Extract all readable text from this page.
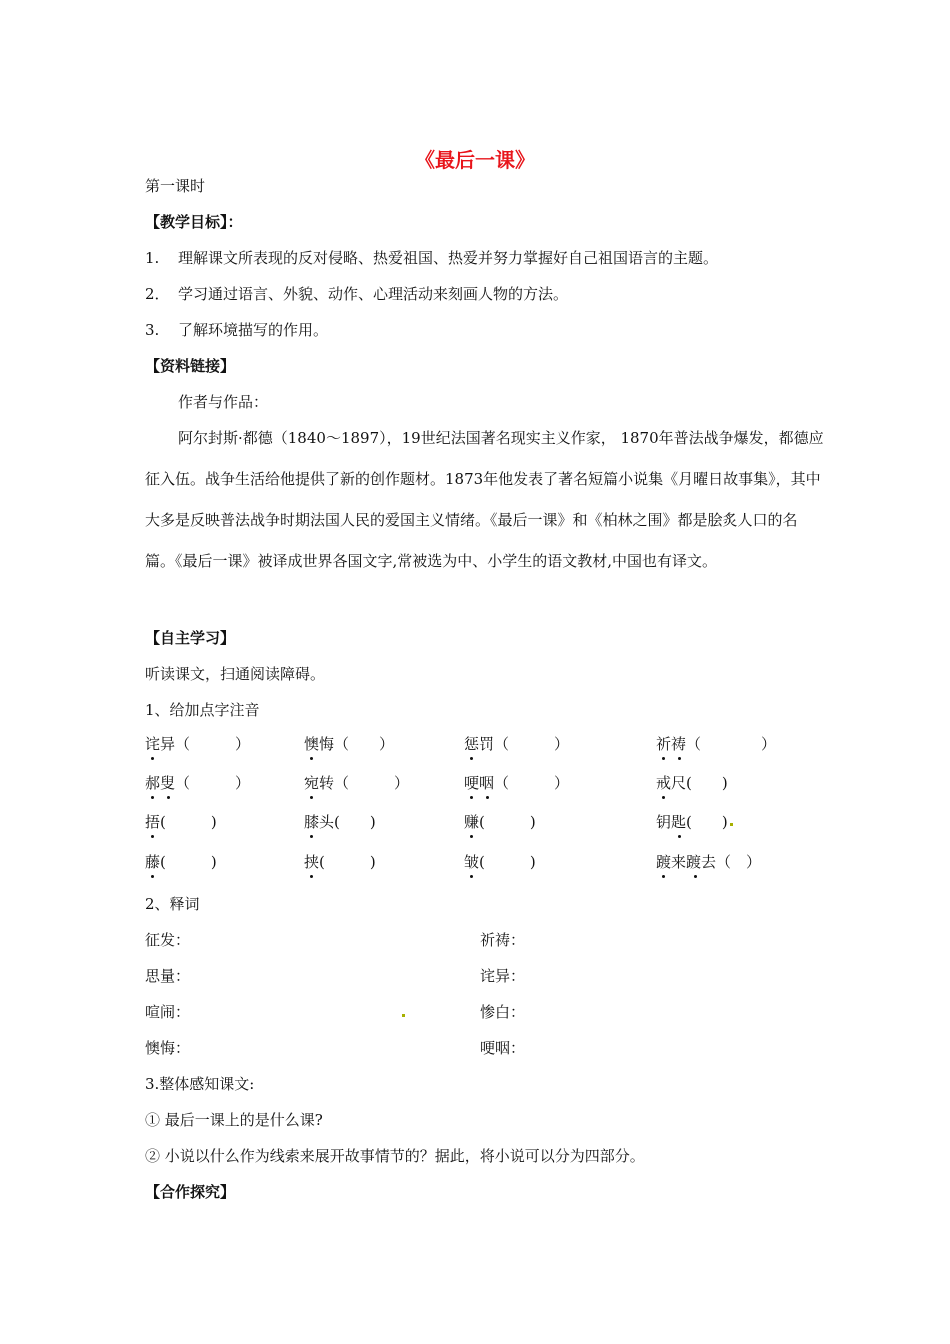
《最后一课》
第一课时
【教学目标】：
1. 理解课文所表现的反对侵略、热爱祖国、热爱并努力掌握好自己祖国语言的主题。
2． 学习通过语言、外貌、动作、心理活动来刻画人物的方法。
3. 了解环境描写的作用。
【资料链接】
作者与作品：
阿尔封斯·都德（1840～1897），19世纪法国著名现实主义作家， 1870年普法战争爆发，都德应征入伍。战争生活给他提供了新的创作题材。1873年他发表了著名短篇小说集《月曜日故事集》，其中大多是反映普法战争时期法国人民的爱国主义情绪。《最后一课》和《柏林之围》都是脍炙人口的名篇。《最后一课》被译成世界各国文字,常被选为中、小学生的语文教材,中国也有译文。
【自主学习】
听读课文，扫通阅读障碍。
1、给加点字注音
诧异（　　　）	懊悔（　　）	惩罚（　　　）	祈祷（　　　　）
郝叟（　　　）	宛转（　　　）	哽咽（　　　）	戒尺(　　)
捂(　　　)	膝头(　　)	赚(　　　)	钥匙(　　)
藤(　　　)	挟(　　　)	皱(　　　)	踱来踱去（　）
2、释词
征发：	祈祷：
思量：	诧异：
喧闹：	惨白：
懊悔：	哽咽：
3.整体感知课文:
① 最后一课上的是什么课?
② 小说以什么作为线索来展开故事情节的？据此，将小说可以分为四部分。
【合作探究】
